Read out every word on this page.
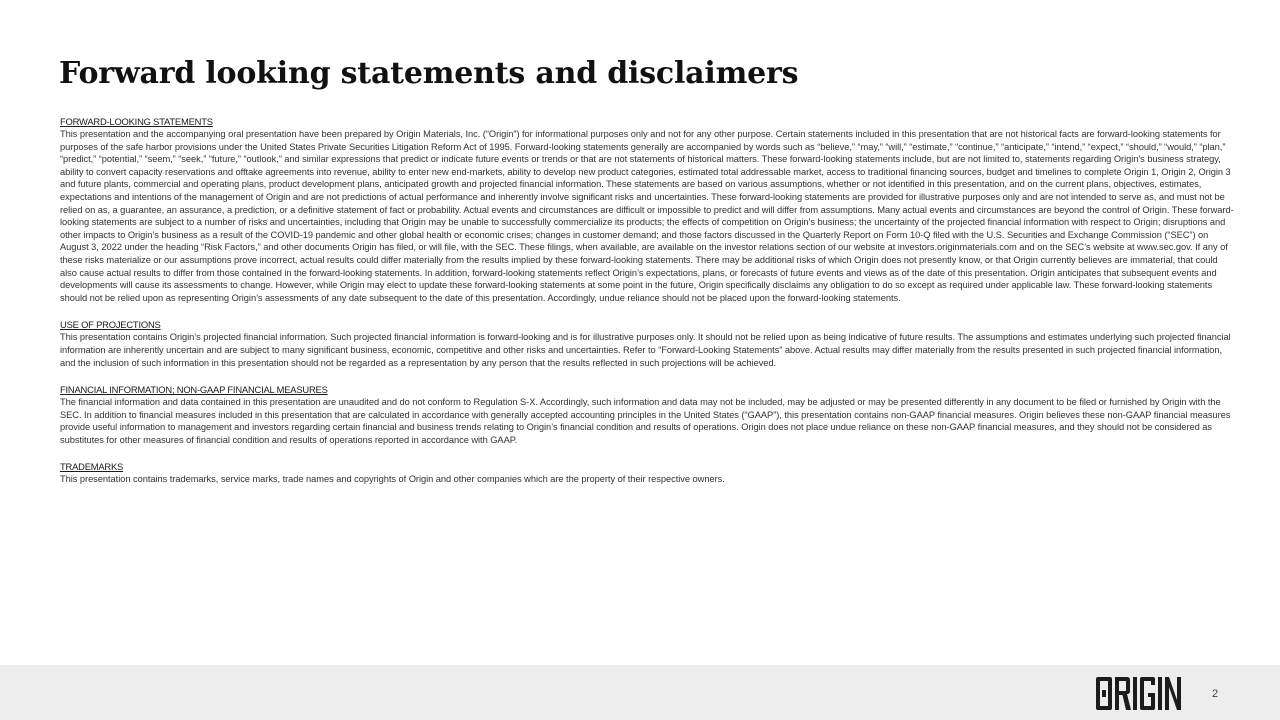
Forward looking statements and disclaimers

FORWARD-LOOKING STATEMENTS

This presentation and the accompanying oral presentation have been prepared by Origin Materials, Inc. (“Origin”) for informational purposes only and not for any other purpose. Certain statements included in this presentation that are not historical facts are forward-looking statements for purposes of the safe harbor provisions under the United States Private Securities Litigation Reform Act of 1995. Forward-looking statements generally are accompanied by words such as “believe,” “may,” “will,” “estimate,” “continue,” “anticipate,” “intend,” “expect,” “should,” “would,” “plan,” “predict,” “potential,” “seem,” “seek,” “future,” “outlook,” and similar expressions that predict or indicate future events or trends or that are not statements of historical matters. These forward-looking statements include, but are not limited to, statements regarding Origin’s business strategy, ability to convert capacity reservations and offtake agreements into revenue, ability to enter new end-markets, ability to develop new product categories, estimated total addressable market, access to traditional financing sources, budget and timelines to complete Origin 1, Origin 2, Origin 3 and future plants, commercial and operating plans, product development plans, anticipated growth and projected financial information. These statements are based on various assumptions, whether or not identified in this presentation, and on the current plans, objectives, estimates, expectations and intentions of the management of Origin and are not predictions of actual performance and inherently involve significant risks and uncertainties. These forward-looking statements are provided for illustrative purposes only and are not intended to serve as, and must not be relied on as, a guarantee, an assurance, a prediction, or a definitive statement of fact or probability. Actual events and circumstances are difficult or impossible to predict and will differ from assumptions. Many actual events and circumstances are beyond the control of Origin. These forward-looking statements are subject to a number of risks and uncertainties, including that Origin may be unable to successfully commercialize its products; the effects of competition on Origin’s business; the uncertainty of the projected financial information with respect to Origin; disruptions and other impacts to Origin’s business as a result of the COVID-19 pandemic and other global health or economic crises; changes in customer demand; and those factors discussed in the Quarterly Report on Form 10-Q filed with the U.S. Securities and Exchange Commission (“SEC”) on August 3, 2022 under the heading “Risk Factors,” and other documents Origin has filed, or will file, with the SEC. These filings, when available, are available on the investor relations section of our website at investors.originmaterials.com and on the SEC’s website at www.sec.gov. If any of these risks materialize or our assumptions prove incorrect, actual results could differ materially from the results implied by these forward-looking statements. There may be additional risks of which Origin does not presently know, or that Origin currently believes are immaterial, that could also cause actual results to differ from those contained in the forward-looking statements. In addition, forward-looking statements reflect Origin’s expectations, plans, or forecasts of future events and views as of the date of this presentation. Origin anticipates that subsequent events and developments will cause its assessments to change. However, while Origin may elect to update these forward-looking statements at some point in the future, Origin specifically disclaims any obligation to do so except as required under applicable law. These forward-looking statements should not be relied upon as representing Origin’s assessments of any date subsequent to the date of this presentation. Accordingly, undue reliance should not be placed upon the forward-looking statements.

USE OF PROJECTIONS

This presentation contains Origin’s projected financial information. Such projected financial information is forward-looking and is for illustrative purposes only. It should not be relied upon as being indicative of future results. The assumptions and estimates underlying such projected financial information are inherently uncertain and are subject to many significant business, economic, competitive and other risks and uncertainties. Refer to “Forward-Looking Statements” above. Actual results may differ materially from the results presented in such projected financial information, and the inclusion of such information in this presentation should not be regarded as a representation by any person that the results reflected in such projections will be achieved.

FINANCIAL INFORMATION; NON-GAAP FINANCIAL MEASURES

The financial information and data contained in this presentation are unaudited and do not conform to Regulation S-X. Accordingly, such information and data may not be included, may be adjusted or may be presented differently in any document to be filed or furnished by Origin with the SEC. In addition to financial measures included in this presentation that are calculated in accordance with generally accepted accounting principles in the United States (“GAAP”), this presentation contains non-GAAP financial measures. Origin believes these non-GAAP financial measures provide useful information to management and investors regarding certain financial and business trends relating to Origin’s financial condition and results of operations. Origin does not place undue reliance on these non-GAAP financial measures, and they should not be considered as substitutes for other measures of financial condition and results of operations reported in accordance with GAAP.

TRADEMARKS

This presentation contains trademarks, service marks, trade names and copyrights of Origin and other companies which are the property of their respective owners.

2
